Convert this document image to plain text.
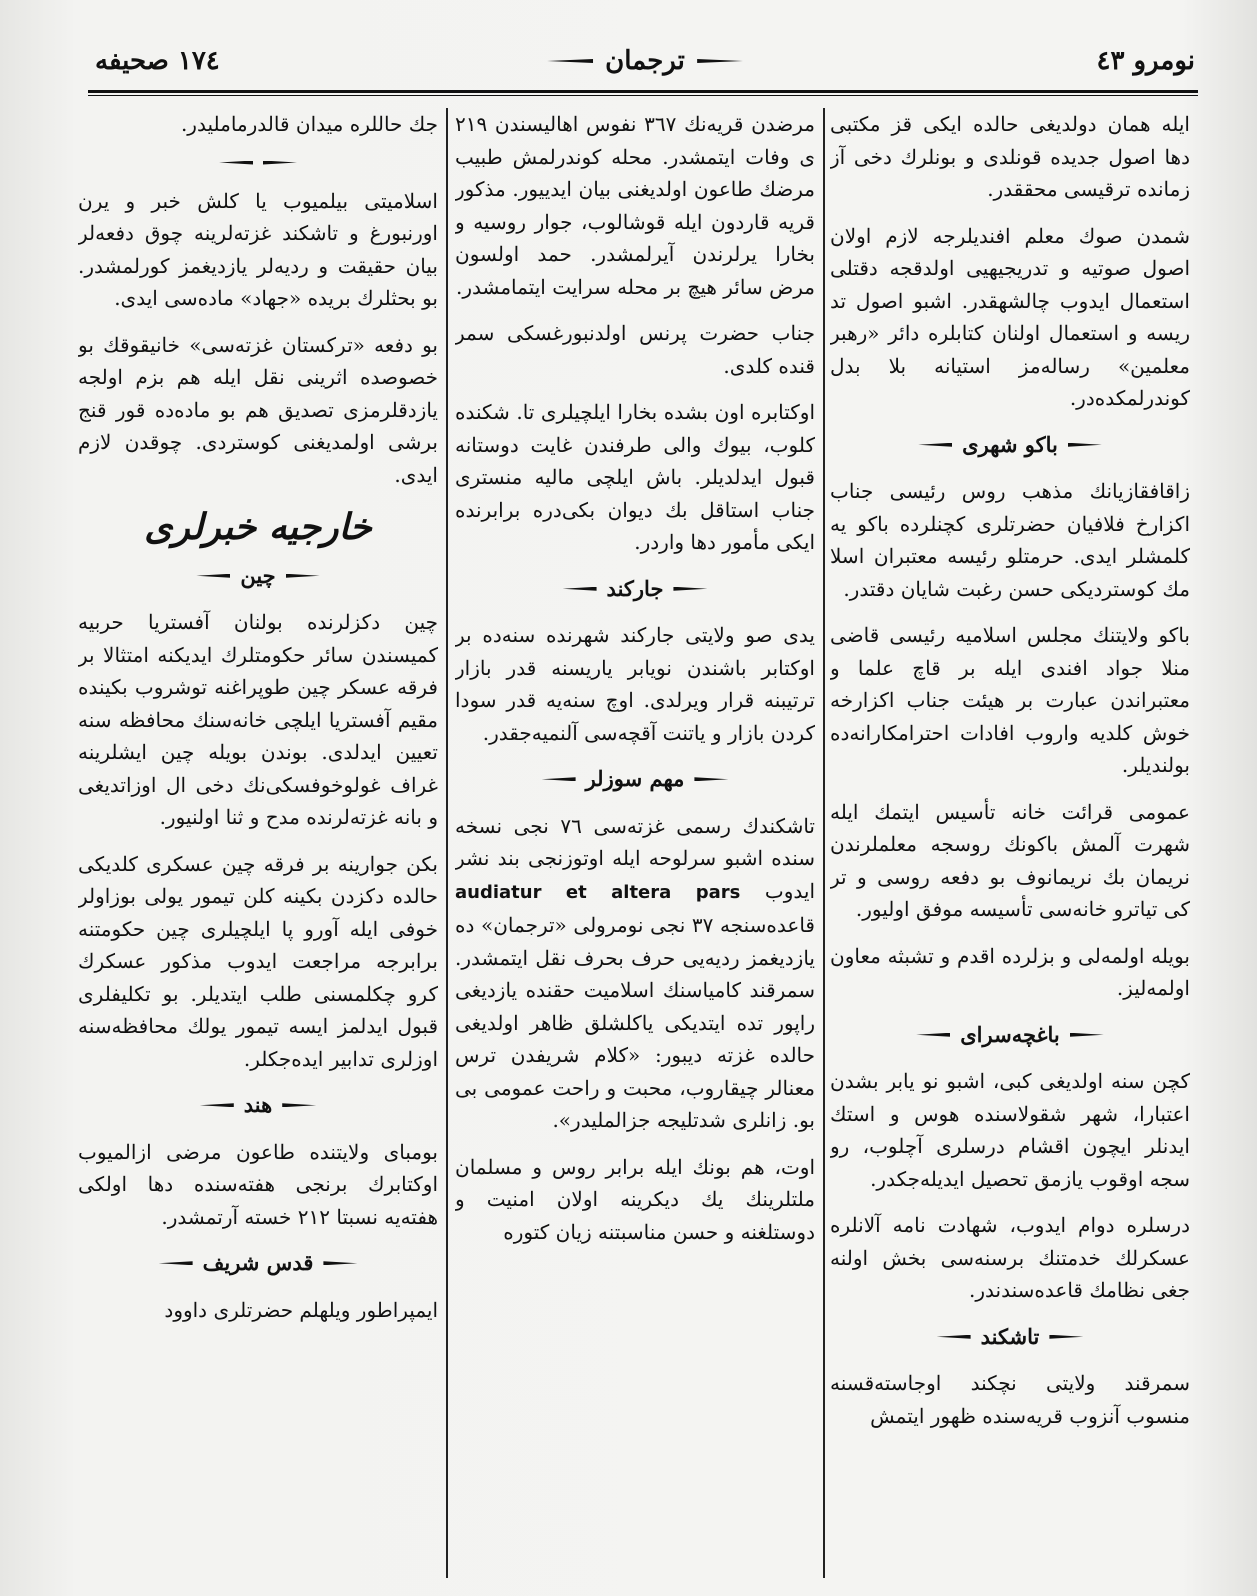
نومرو ٤٣
ترجمان
١٧٤ صحيفه

ایله همان دولدیغی حالده ایکی قز مکتبی دها اصول جدیده قونلدی و بونلرك دخی آز زمانده ترقیسی محققدر.

شمدن صوك معلم افندیلرجه لازم اولان اصول صوتیه و تدریجیهیی اولدقجه دقتلی استعمال ایدوب چالشهقدر. اشبو اصول تد ریسه و استعمال اولنان کتابلره دائر «رهبر معلمین» رساله‌مز استیانه بلا بدل کوندرلمکده‌در.

باکو شهری

زاقافقازیانك مذهب روس رئیسی جناب اکزارخ فلافیان حضرتلری کچنلرده باکو یه کلمشلر ایدی. حرمتلو رئیسه معتبران اسلا مك کوستردیکی حسن رغبت شایان دقتدر.

باکو ولایتنك مجلس اسلامیه رئیسی قاضی منلا جواد افندی ایله بر قاچ علما و معتبراندن عبارت بر هیئت جناب اکزارخه خوش کلدیه واروب افادات احترامکارانه‌ده بولندیلر.

عمومی قرائت خانه تأسیس ایتمك ایله شهرت آلمش باکونك روسجه معلملرندن نریمان بك نریمانوف بو دفعه روسی و تر کی تیاترو خانه‌سی تأسیسه موفق اولیور.

بویله اولمه‌لی و بزلرده اقدم و تشبثه معاون اولمه‌لیز.

باغچه‌سرای

کچن سنه اولدیغی کبی، اشبو نو یابر بشدن اعتبارا، شهر شقولاسنده هوس و استك ایدنلر ایچون اقشام درسلری آچلوب، رو سجه اوقوب یازمق تحصیل ایدیله‌جکدر.

درسلره دوام ایدوب، شهادت نامه آلانلره عسکرلك خدمتنك برسنه‌سی بخش اولنه جغی نظامك قاعده‌سندندر.

تاشکند

سمرقند ولایتی نچکند اوجاسته‌قسنه منسوب آنزوب قریه‌سنده ظهور ایتمش

مرضدن قریه‌نك ٣٦٧ نفوس اهالیسندن ٢١٩ ی وفات ایتمشدر. محله کوندرلمش طبیب مرضك طاعون اولدیغنی بیان ایدییور. مذکور قریه قاردون ایله قوشالوب، جوار روسیه و بخارا یرلرندن آیرلمشدر. حمد اولسون مرض سائر هیچ بر محله سرایت ایتمامشدر.

جناب حضرت پرنس اولدنبورغسکی سمر قنده کلدی.

اوکتابره اون بشده بخارا ایلچیلری تا. شکنده کلوب، بیوك والی طرفندن غایت دوستانه قبول ایدلدیلر. باش ایلچی مالیه منستری جناب استاقل بك دیوان بکی‌دره برابرنده ایکی مأمور دها واردر.

جارکند

یدی صو ولایتی جارکند شهرنده سنه‌ده بر اوکتابر باشندن نویابر یاریسنه قدر بازار ترتیبنه قرار ویرلدی. اوچ سنه‌یه قدر سودا کردن بازار و یاتنت آقچه‌سی آلنمیه‌جقدر.

مهم سوزلر

تاشکندك رسمی غزته‌سی ٧٦ نجی نسخه سنده اشبو سرلوحه ایله اوتوزنجی بند نشر ایدوب audiatur et altera pars قاعده‌سنجه ٣٧ نجی نومرولی «ترجمان» ده یازدیغمز ردیه‌یی حرف بحرف نقل ایتمشدر. سمرقند کامیاسنك اسلامیت حقنده یازدیغی راپور تده ایتدیکی یاکلشلق ظاهر اولدیغی حالده غزته دیبور: «کلام شریفدن ترس معنالر چیقاروب، محبت و راحت عمومی بی بو. زانلری شدتلیجه جزالملیدر».

اوت، هم بونك ایله برابر روس و مسلمان ملتلرینك یك دیکرینه اولان امنیت و دوستلغنه و حسن مناسبتنه زیان کتوره

جك حاللره میدان قالدرمامليدر.

اسلامیتی بیلمیوب یا کلش خبر و یرن اورنبورغ و تاشکند غزته‌لرینه چوق دفعه‌لر بیان حقیقت و ردیه‌لر یازدیغمز کورلمشدر. بو بحثلرك بریده «جهاد» ماده‌سی ایدی.

بو دفعه «ترکستان غزته‌سی» خانیقوقك بو خصوصده اثرینی نقل ایله هم بزم اولجه یازدقلرمزی تصدیق هم بو ماده‌ده قور قنج برشی اولمدیغنی کوستردی. چوقدن لازم ایدی.

خارجیه خبرلری
چین

چین دکزلرنده بولنان آفستریا حربیه کمیسندن سائر حکومتلرك ایدیکنه امتثالا بر فرقه عسکر چین طوپراغنه توشروب بکینده مقیم آفستریا ایلچی خانه‌سنك محافظه سنه تعیین ایدلدی. بوندن بویله چین ایشلرینه غراف غولوخوفسکی‌نك دخی ال اوزاتدیغی و بانه غزته‌لرنده مدح و ثنا اولنیور.

بکن جوارینه بر فرقه چین عسکری کلدیکی حالده دکزدن بکینه کلن تیمور یولی بوزاولر خوفی ایله آورو پا ایلچیلری چین حکومتنه برابرجه مراجعت ایدوب مذکور عسکرك کرو چکلمسنی طلب ایتدیلر. بو تکلیفلری قبول ایدلمز ایسه تیمور یولك محافظه‌سنه اوزلری تدابیر ایده‌جکلر.

هند

بومبای ولایتنده طاعون مرضی ازالمیوب اوکتابرك برنجی هفته‌سنده دها اولکی هفته‌یه نسبتا ٢١٢ خسته آرتمشدر.

قدس شریف

ایمپراطور ویلهلم حضرتلری داوود
